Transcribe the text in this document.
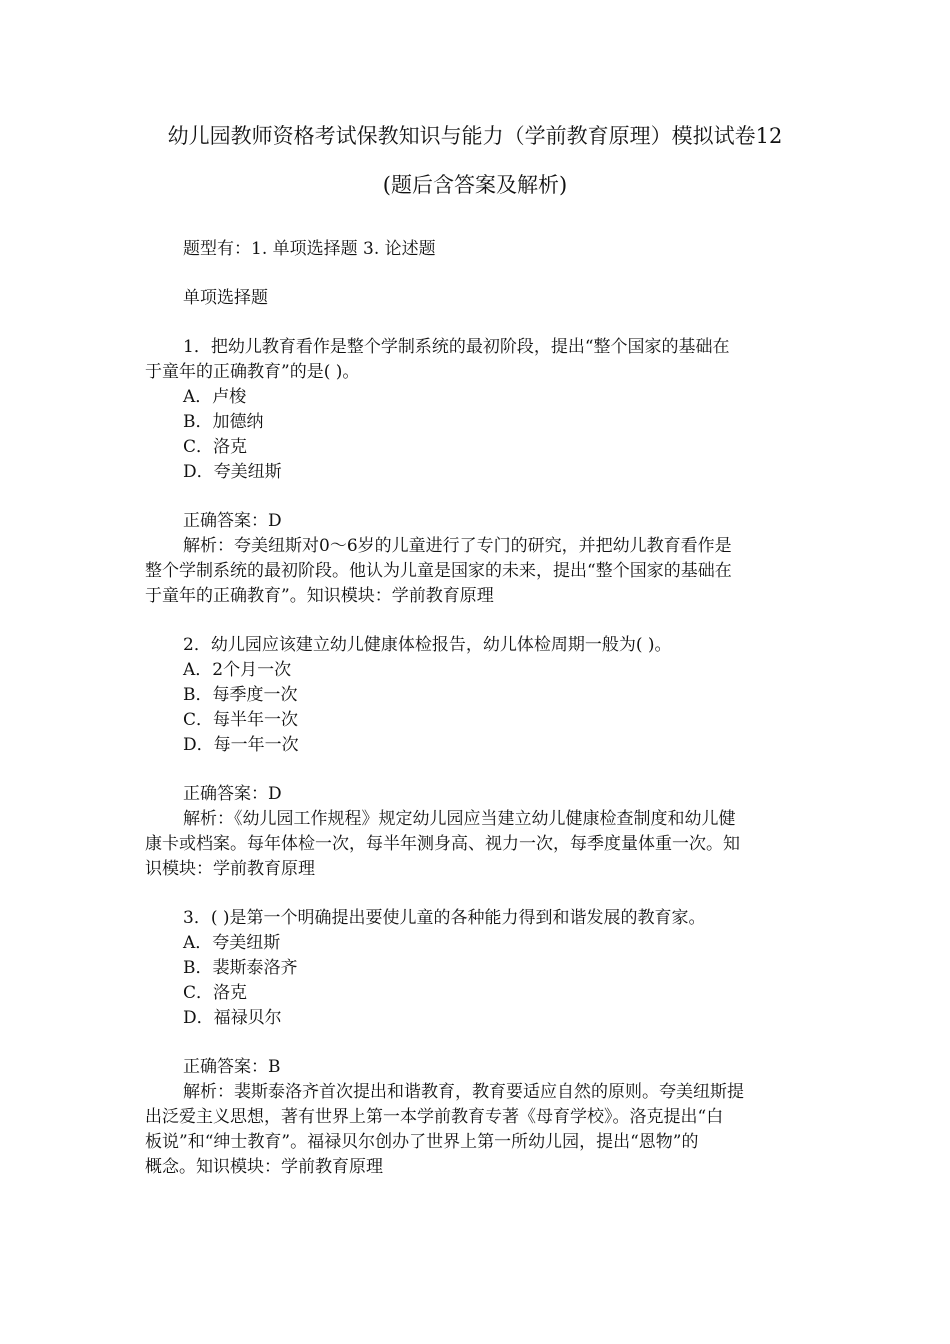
幼儿园教师资格考试保教知识与能力（学前教育原理）模拟试卷12
(题后含答案及解析)
题型有：1. 单项选择题 3. 论述题
单项选择题
1．把幼儿教育看作是整个学制系统的最初阶段，提出“整个国家的基础在
于童年的正确教育”的是( )。
A．卢梭
B．加德纳
C．洛克
D．夸美纽斯
正确答案：D
解析：夸美纽斯对0～6岁的儿童进行了专门的研究，并把幼儿教育看作是
整个学制系统的最初阶段。他认为儿童是国家的未来，提出“整个国家的基础在
于童年的正确教育”。知识模块：学前教育原理
2．幼儿园应该建立幼儿健康体检报告，幼儿体检周期一般为( )。
A．2个月一次
B．每季度一次
C．每半年一次
D．每一年一次
正确答案：D
解析：《幼儿园工作规程》规定幼儿园应当建立幼儿健康检查制度和幼儿健
康卡或档案。每年体检一次，每半年测身高、视力一次，每季度量体重一次。知
识模块：学前教育原理
3．( )是第一个明确提出要使儿童的各种能力得到和谐发展的教育家。
A．夸美纽斯
B．裴斯泰洛齐
C．洛克
D．福禄贝尔
正确答案：B
解析：裴斯泰洛齐首次提出和谐教育，教育要适应自然的原则。夸美纽斯提
出泛爱主义思想，著有世界上第一本学前教育专著《母育学校》。洛克提出“白
板说”和“绅士教育”。福禄贝尔创办了世界上第一所幼儿园，提出“恩物”的
概念。知识模块：学前教育原理
